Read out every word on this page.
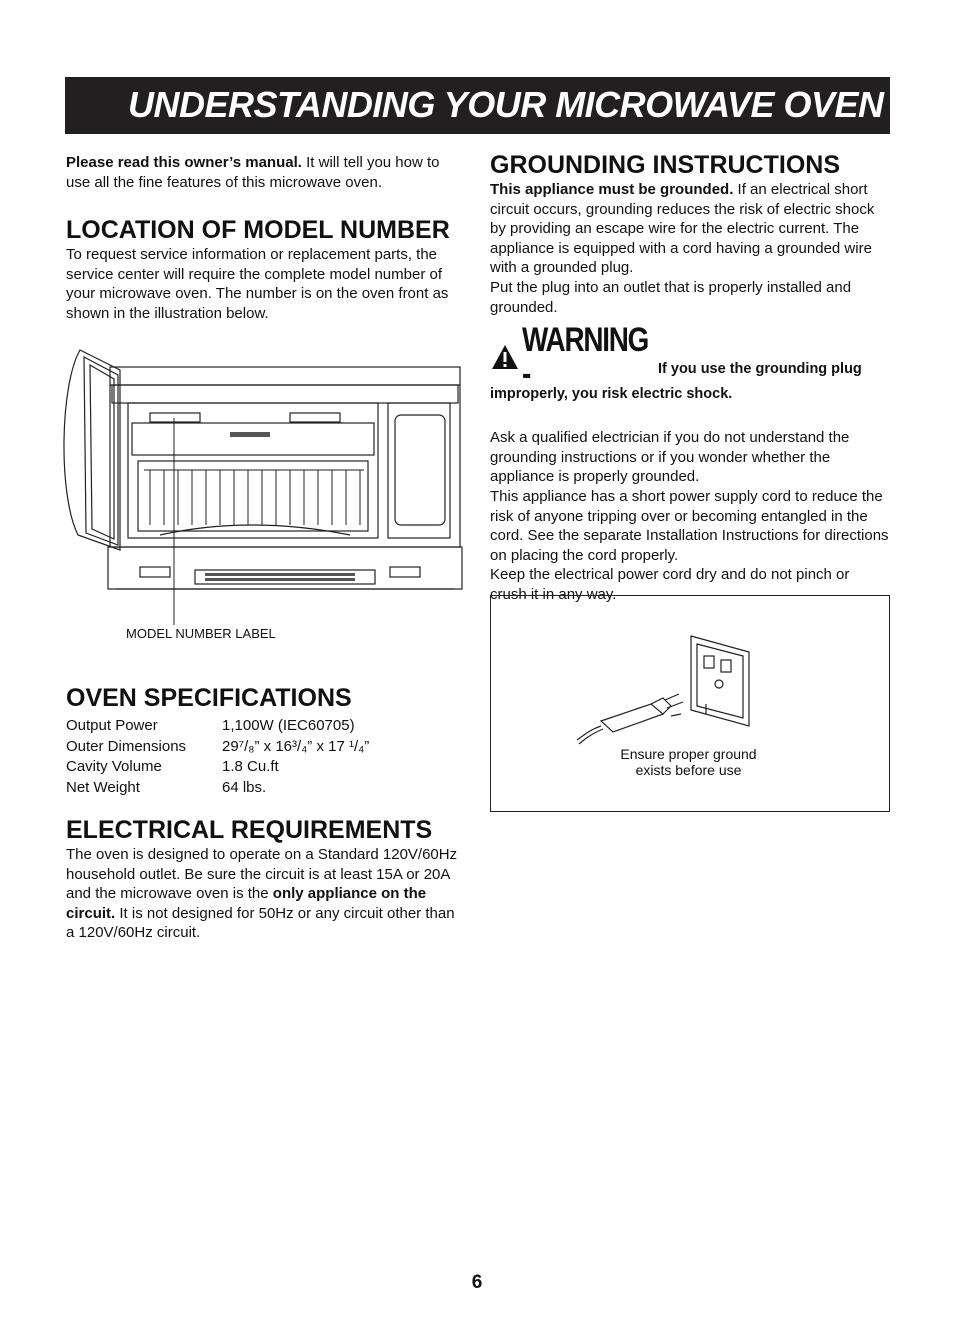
UNDERSTANDING YOUR MICROWAVE OVEN

Please read this owner’s manual. It will tell you how to use all the fine features of this microwave oven.

LOCATION OF MODEL NUMBER

To request service information or replacement parts, the service center will require the complete model number of your microwave oven. The number is on the oven front as shown in the illustration below.

MODEL NUMBER LABEL
OVEN SPECIFICATIONS
Output Power	1,100W (IEC60705)
Outer Dimensions	29⁷/₈” x 16³/₄” x 17 ¹/₄”
Cavity Volume	1.8 Cu.ft
Net Weight	64 lbs.
ELECTRICAL REQUIREMENTS

The oven is designed to operate on a Standard 120V/60Hz household outlet. Be sure the circuit is at least 15A or 20A and the microwave oven is the only appliance on the circuit. It is not designed for 50Hz or any circuit other than a 120V/60Hz circuit.

GROUNDING INSTRUCTIONS

This appliance must be grounded. If an electrical short circuit occurs, grounding reduces the risk of electric shock by providing an escape wire for the electric current. The appliance is equipped with a cord having a grounded wire with a grounded plug.

Put the plug into an outlet that is properly installed and grounded.

WARNING -	If you use the grounding plug improperly, you risk electric shock.

Ask a qualified electrician if you do not understand the grounding instructions or if you wonder whether the appliance is properly grounded.

This appliance has a short power supply cord to reduce the risk of anyone tripping over or becoming entangled in the cord. See the separate Installation Instructions for directions on placing the cord properly.

Keep the electrical power cord dry and do not pinch or crush it in any way.

Ensure proper ground
exists before use
6
